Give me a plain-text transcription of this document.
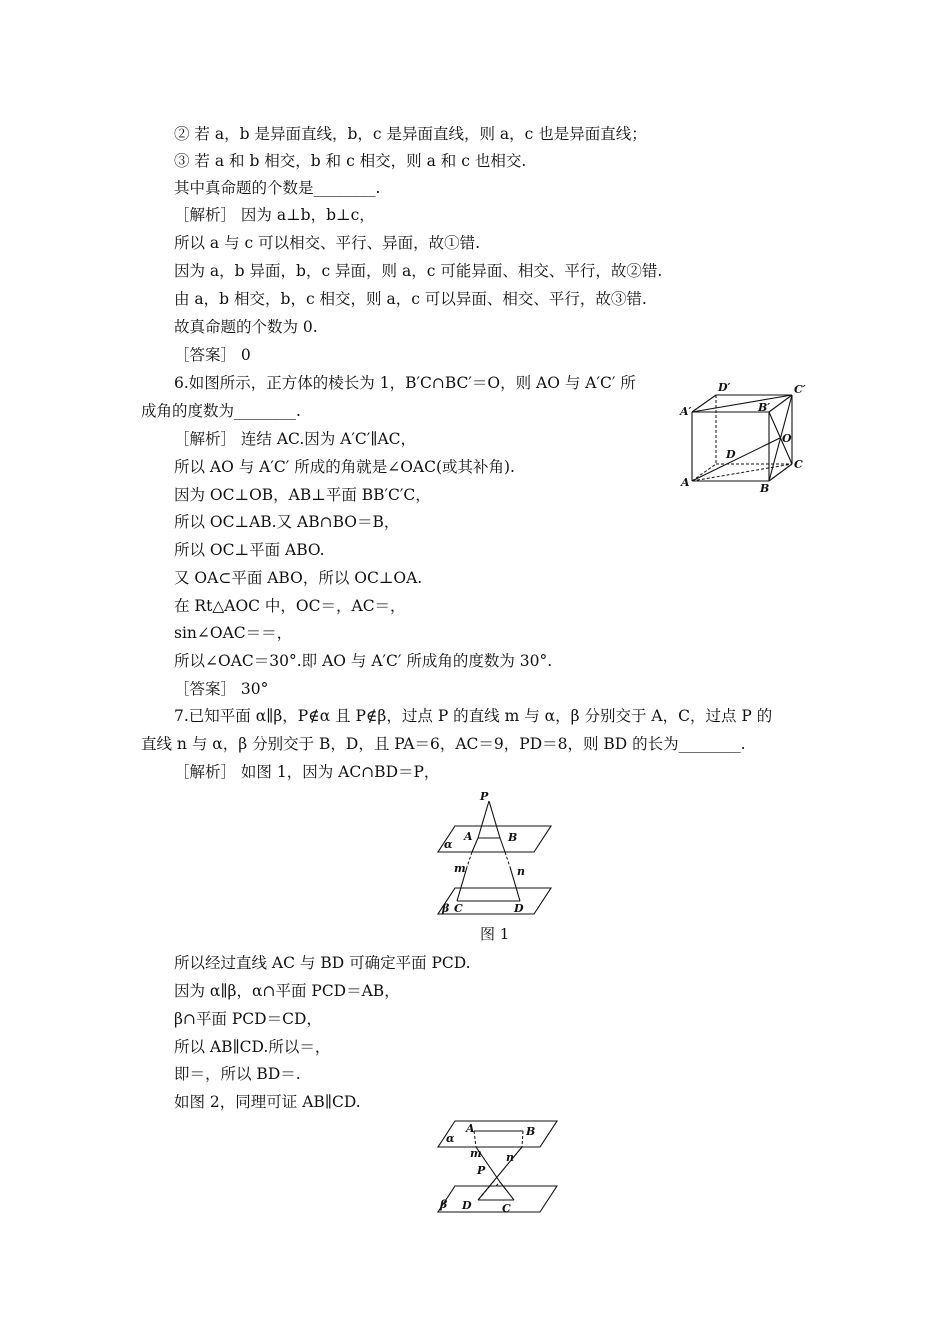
② 若 a，b 是异面直线，b，c 是异面直线，则 a，c 也是异面直线；
③ 若 a 和 b 相交，b 和 c 相交，则 a 和 c 也相交.
其中真命题的个数是________.
［解析］ 因为 a⊥b，b⊥c，
所以 a 与 c 可以相交、平行、异面，故①错.
因为 a，b 异面，b，c 异面，则 a，c 可能异面、相交、平行，故②错.
由 a，b 相交，b，c 相交，则 a，c 可以异面、相交、平行，故③错.
故真命题的个数为 0.
［答案］ 0
6.如图所示，正方体的棱长为 1，B′C∩BC′＝O，则 AO 与 A′C′ 所
成角的度数为________.
［解析］ 连结 AC.因为 A′C′∥AC，
所以 AO 与 A′C′ 所成的角就是∠OAC(或其补角).
因为 OC⊥OB，AB⊥平面 BB′C′C，
所以 OC⊥AB.又 AB∩BO＝B，
所以 OC⊥平面 ABO.
又 OA⊂平面 ABO，所以 OC⊥OA.
在 Rt△AOC 中，OC＝，AC＝，
sin∠OAC＝＝，
所以∠OAC＝30°.即 AO 与 A′C′ 所成角的度数为 30°.
［答案］ 30°
7.已知平面 α∥β，P∉α 且 P∉β，过点 P 的直线 m 与 α，β 分别交于 A，C，过点 P 的
直线 n 与 α，β 分别交于 B，D，且 PA＝6，AC＝9，PD＝8，则 BD 的长为________.
［解析］ 如图 1，因为 AC∩BD＝P，
D′	C′
A′	B′
O
D
C
A	B
P
A	B
α
m	n
β C	D
图 1
所以经过直线 AC 与 BD 可确定平面 PCD.
因为 α∥β，α∩平面 PCD＝AB，
β∩平面 PCD＝CD，
所以 AB∥CD.所以＝，
即＝，所以 BD＝.
如图 2，同理可证 AB∥CD.
A	B
α
m n
P
β D	C
